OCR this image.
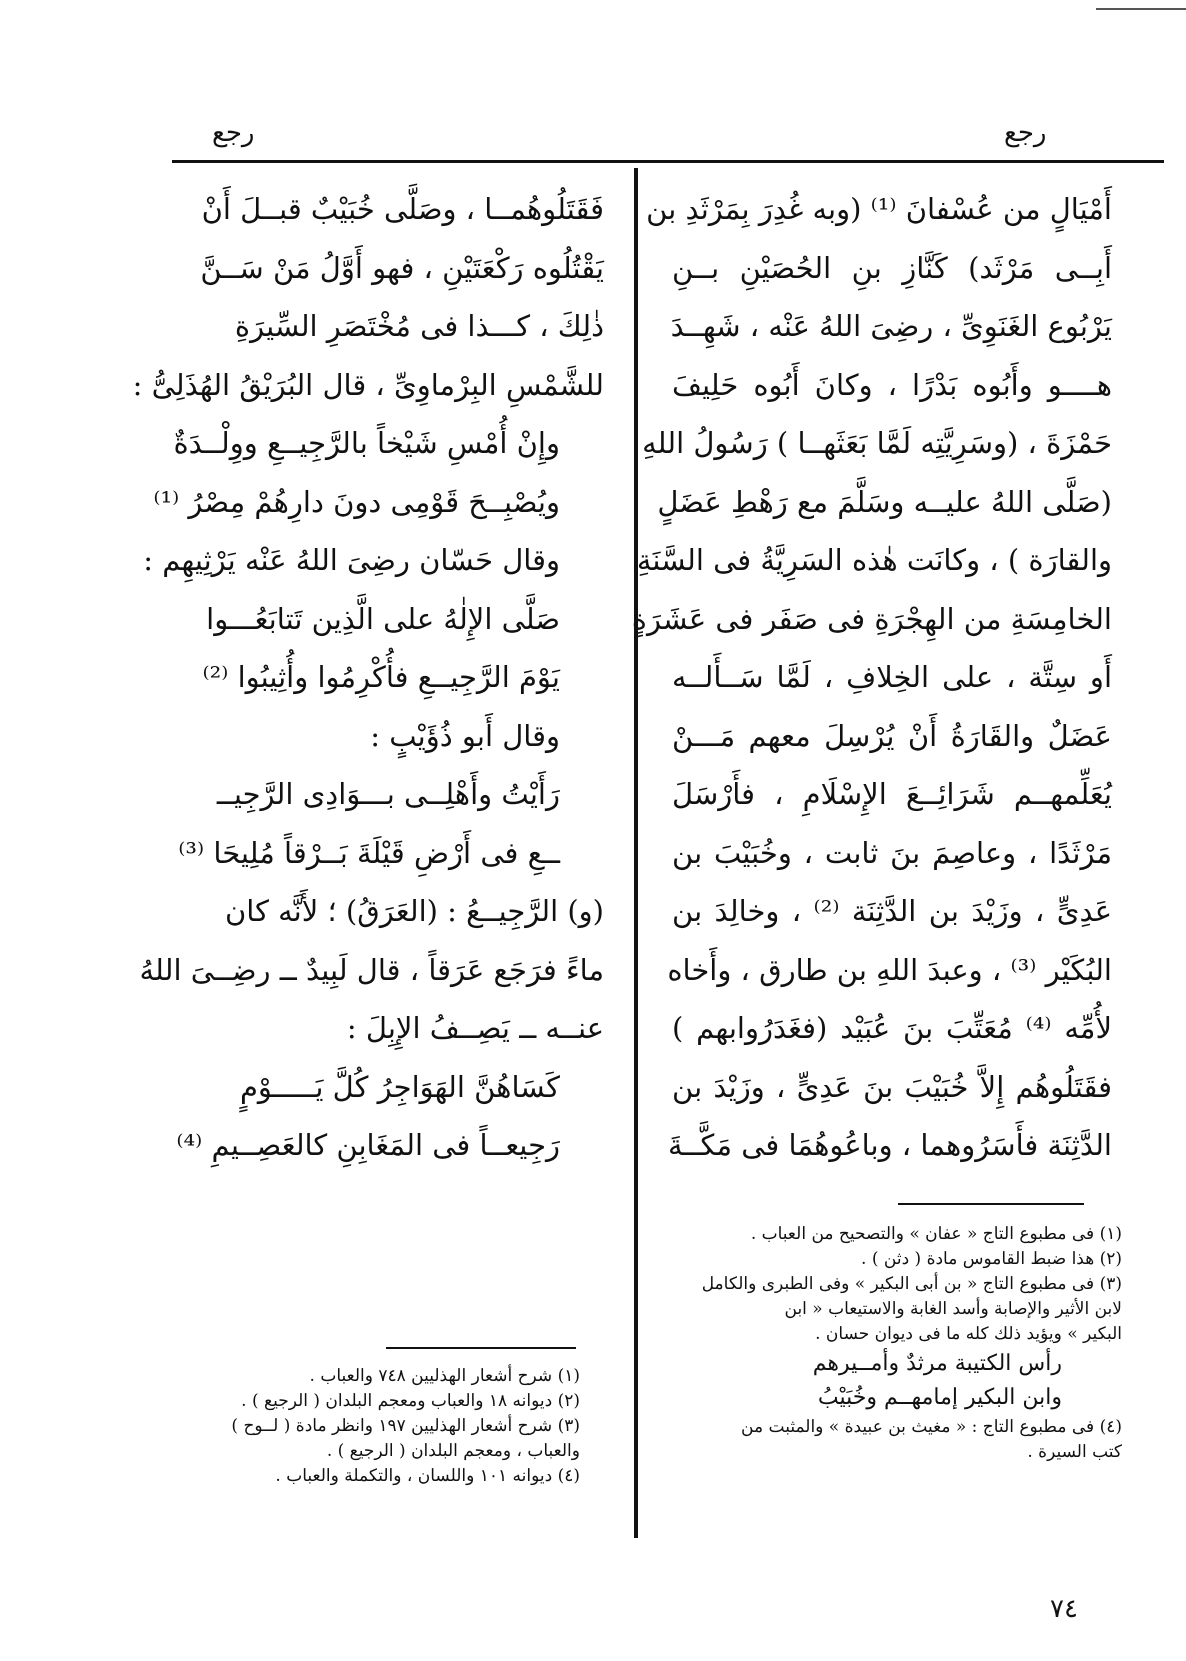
رجع	رجع
أَمْيَالٍ من عُسْفانَ ⁽¹⁾ (وبه غُدِرَ بِمَرْثَدِ بن
أَبِــى مَرْثَد) كَنَّازِ بنِ الحُصَيْنِ بــنِ
يَرْبُوع الغَنَوِىِّ ، رضِىَ اللهُ عَنْه ، شَهِــدَ
هــــو وأَبُوه بَدْرًا ، وكانَ أَبُوه حَلِيفَ
حَمْزَةَ ، (وسَرِيَّتِه لَمَّا بَعَثَهــا ) رَسُولُ اللهِ
(صَلَّى اللهُ عليــه وسَلَّمَ مع رَهْطِ عَضَلٍ
والقارَة ) ، وكانَت هٰذه السَرِيَّةُ فى السَّنَةِ
الخامِسَةِ من الهِجْرَةِ فى صَفَر فى عَشَرَةٍ
أَو سِتَّة ، على الخِلافِ ، لَمَّا سَــأَلــه
عَضَلٌ والقَارَةُ أَنْ يُرْسِلَ معهم مَـــنْ
يُعَلِّمهــم شَرَائِــعَ الإِسْلَامِ ، فأَرْسَلَ
مَرْثَدًا ، وعاصِمَ بنَ ثابت ، وخُبَيْبَ بن
عَدِىٍّ ، وزَيْدَ بن الدَّثِنَة ⁽²⁾ ، وخالِدَ بن
البُكَيْر ⁽³⁾ ، وعبدَ اللهِ بن طارق ، وأَخاه
لأُمِّه ⁽⁴⁾ مُعَتِّبَ بنَ عُبَيْد (فغَدَرُوابهم )
فقَتَلُوهُم إِلاَّ خُبَيْبَ بنَ عَدِىٍّ ، وزَيْدَ بن
الدَّثِنَة فأَسَرُوهما ، وباعُوهُمَا فى مَكَّــةَ
فَقَتَلُوهُمــا ، وصَلَّى خُبَيْبٌ قبــلَ أَنْ
يَقْتُلُوه رَكْعَتَيْنِ ، فهو أَوَّلُ مَنْ سَــنَّ
ذٰلِكَ ، كـــذا فى مُخْتَصَرِ السِّيرَةِ
للشَّمْسِ البِرْماوِىِّ ، قال البُرَيْقُ الهُذَلِىُّ :
وإِنْ أُمْسِ شَيْخاً بالرَّجِيــعِ ووِلْــدَةٌ
ويُصْبِــحَ قَوْمِى دونَ دارِهُمْ مِصْرُ ⁽¹⁾
وقال حَسّان رضِىَ اللهُ عَنْه يَرْثِيهِم :
صَلَّى الإِلٰهُ على الَّذِين تَتابَعُـــوا
يَوْمَ الرَّجِيــعِ فأُكْرِمُوا وأُثِيبُوا ⁽²⁾
وقال أَبو ذُؤَيْبٍ :
رَأَيْتُ وأَهْلِــى بـــوَادِى الرَّجِيــ
ــعِ فى أَرْضِ قَيْلَةَ بَــرْقاً مُلِيحَا ⁽³⁾
(و) الرَّجِيــعُ : (العَرَقُ) ؛ لأَنَّه كان
ماءً فرَجَع عَرَقاً ، قال لَبِيدٌ ــ رضِــىَ اللهُ
عنــه ــ يَصِــفُ الإِبِلَ :
كَسَاهُنَّ الهَوَاجِرُ كُلَّ يَـــــوْمٍ
رَجِيعــاً فى المَغَابِنِ كالعَصِــيمِ ⁽⁴⁾
(١) فى مطبوع التاج « عفان » والتصحيح من العباب .
(٢) هذا ضبط القاموس مادة ( دثن ) .
(٣) فى مطبوع التاج « بن أبى البكير » وفى الطبرى والكامل
لابن الأثير والإصابة وأسد الغابة والاستيعاب « ابن
البكير » ويؤيد ذلك كله ما فى ديوان حسان .
رأس الكتيبة مرثدٌ وأمــيرهم
وابن البكير إمامهــم وخُبَيْبُ
(٤) فى مطبوع التاج : « مغيث بن عبيدة » والمثبت من
كتب السيرة .
(١) شرح أشعار الهذليين ٧٤٨ والعباب .
(٢) ديوانه ١٨ والعباب ومعجم البلدان ( الرجيع ) .
(٣) شرح أشعار الهذليين ١٩٧ وانظر مادة ( لــوح )
والعباب ، ومعجم البلدان ( الرجيع ) .
(٤) ديوانه ١٠١ واللسان ، والتكملة والعباب .
٧٤
